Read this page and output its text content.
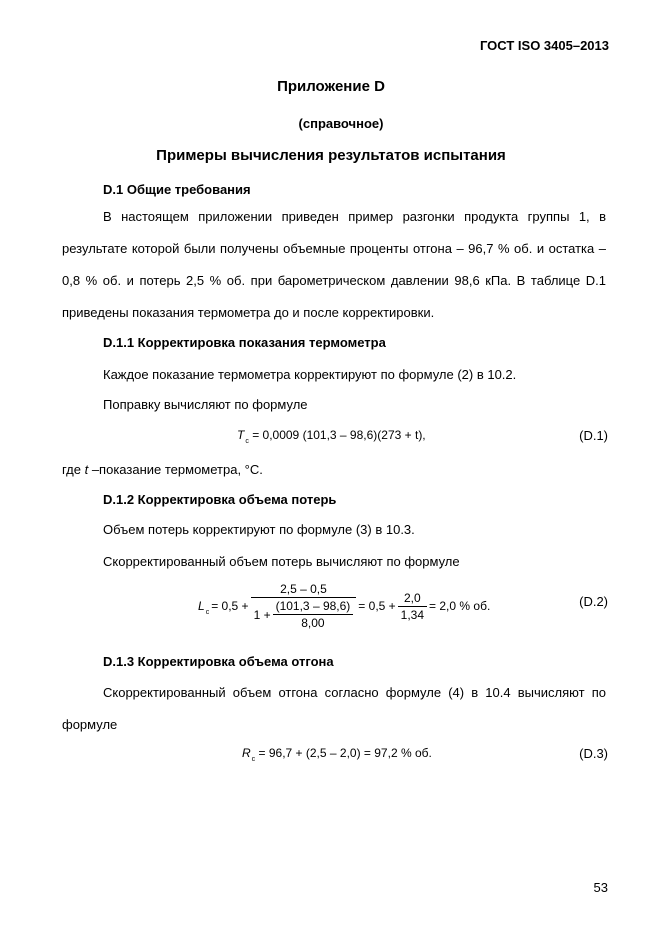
ГОСТ ISO 3405–2013
Приложение D
(справочное)
Примеры вычисления результатов испытания
D.1 Общие требования
В настоящем приложении приведен пример разгонки продукта группы 1, в результате которой были получены объемные проценты отгона – 96,7 % об. и остатка – 0,8 % об. и потерь 2,5 % об. при барометрическом давлении 98,6 кПа. В таблице D.1 приведены показания термометра до и после корректировки.
D.1.1 Корректировка показания термометра
Каждое показание термометра корректируют по формуле (2) в 10.2.
Поправку вычисляют по формуле
$T_c = 0,0009$ (101,3 – 98,6)(273 + t),	(D.1)
где t –показание термометра, °C.
D.1.2 Корректировка объема потерь
Объем потерь корректируют по формуле (3) в 10.3.
Скорректированный объем потерь вычисляют по формуле
$L_c = 0,5 + \frac{2,5 - 0,5}{1 + \frac{(101,3 - 98,6)}{8,00}} = 0,5 + \frac{2,0}{1,34} = 2,0$ % об.	(D.2)
D.1.3 Корректировка объема отгона
Скорректированный объем отгона согласно формуле (4) в 10.4 вычисляют по формуле
$R_c = 96,7 + (2,5 - 2,0) = 97,2$ % об.	(D.3)
53
